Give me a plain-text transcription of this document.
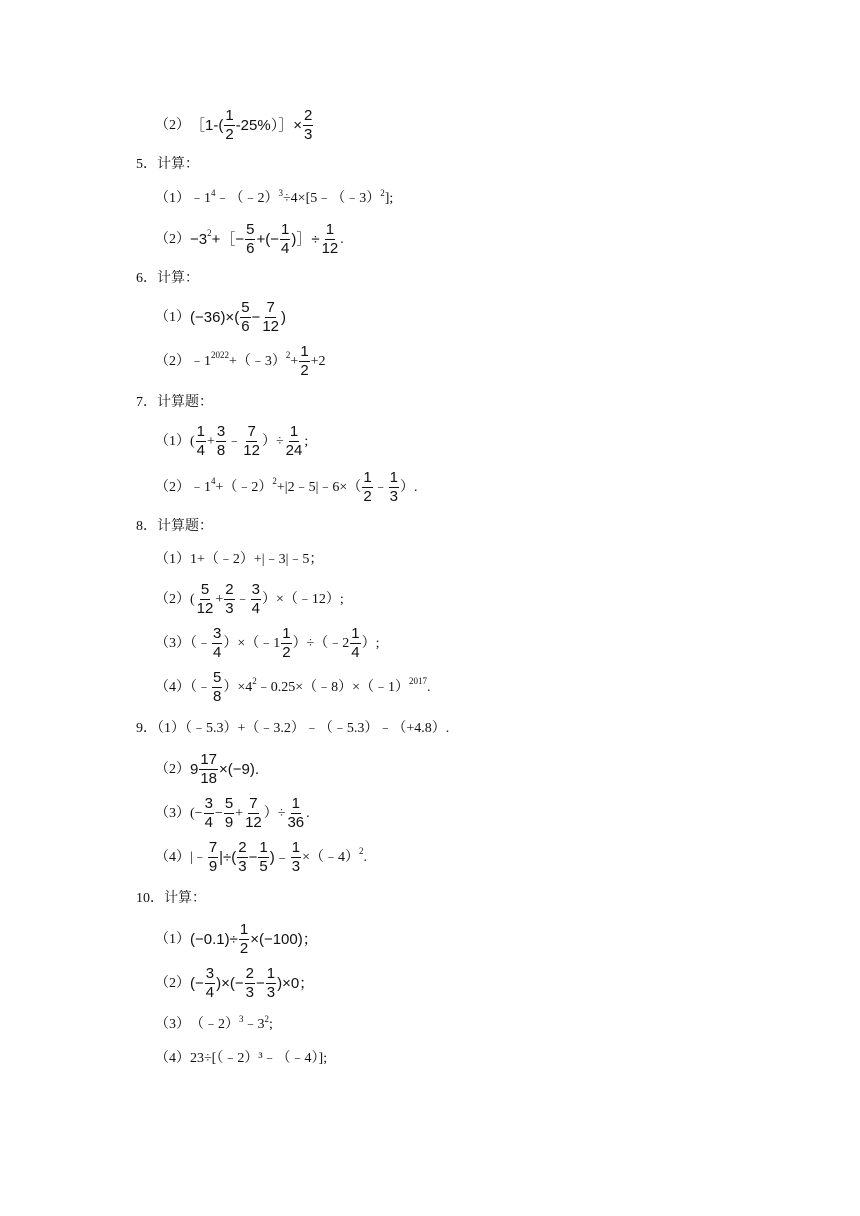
（2） ［1-( $\frac{1}{2}$ -25%）］× $\frac{2}{3}$
5．计算：
（1） $﹣1^4$ ﹣（﹣2）$^3$ ÷4×[5﹣（﹣3）$^2$ ];
$(2) -3^2$ +［− $\frac{5}{6}$ +(− $\frac{1}{4}$ )］÷ $\frac{1}{12}$ .
6．计算：
（1） $(-36)\times( \frac{5}{6} - \frac{7}{12}$ )
（2） $﹣1^{2022}$ +（﹣3）$^2$ + $\frac{1}{2} +2$
7．计算题：
$(1)( \frac{1}{4} + \frac{3}{8}$ ﹣ $\frac{7}{12}$ ）÷ $\frac{1}{24}$ ;
（2） $﹣1^4$ +（﹣2）$^2$ +|2﹣5|﹣6×（ $\frac{1}{2}$ ﹣ $\frac{1}{3}$ ）.
8．计算题：
（1） 1+（﹣2）+|﹣3|﹣5；
$(2)( \frac{5}{12} + \frac{2}{3}$ ﹣ $\frac{3}{4}$ ）×（﹣12）;
（3）（﹣ $\frac{3}{4}$ ）×（﹣1 $\frac{1}{2}$ ）÷（﹣2 $\frac{1}{4}$ ）;
（4）（﹣ $\frac{5}{8} )\times 4^2$ ﹣0.25×（﹣8）×（﹣1）$^{2017}$ .
9．（1）（﹣5.3）+（﹣3.2）﹣（﹣5.3）﹣（+4.8）.
（2） $9 \frac{17}{18} \times(-9)$.
$(3)(- \frac{3}{4} - \frac{5}{9} + \frac{7}{12}$ ）÷ $\frac{1}{36}$ .
（4）|﹣ $\frac{7}{9}$ |÷( $\frac{2}{3} - \frac{1}{5}$ )﹣ $\frac{1}{3}$ ×（﹣4）$^2$ .
10．计算：
（1） $(-0.1)\div \frac{1}{2} \times(-100)$；
（2） (− $\frac{3}{4}$ )×(− $\frac{2}{3} - \frac{1}{3} )\times 0$；
（3） （﹣2）$^3$ $﹣3^2$ ;
（4） 23÷[（﹣2）³﹣（﹣4）];
